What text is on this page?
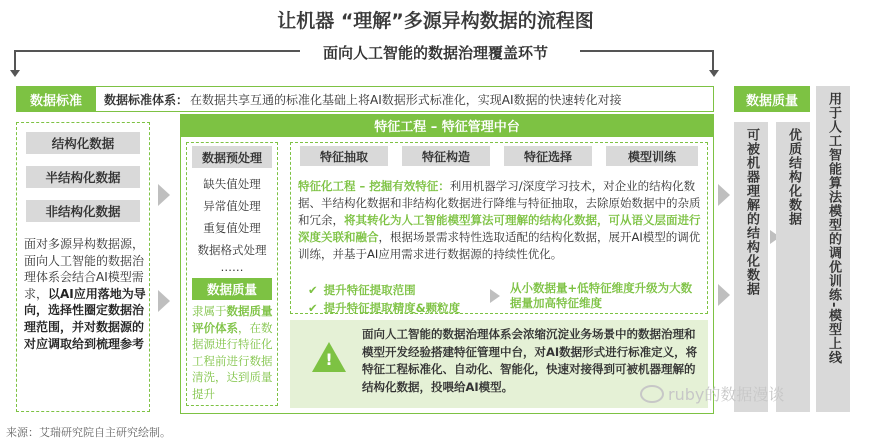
让机器 “理解”多源异构数据的流程图
面向人工智能的数据治理覆盖环节
数据标准	数据标准体系： 在数据共享互通的标准化基础上将AI数据形式标准化，实现AI数据的快速转化对接
结构化数据
半结构化数据
非结构化数据
面对多源异构数据源，面向人工智能的数据治理体系会结合AI模型需求，以AI应用落地为导向，选择性圈定数据治理范围，并对数据源的对应调取给到梳理参考
特征工程 – 特征管理中台
数据预处理
缺失值处理
异常值处理
重复值处理
数据格式处理
……
数据质量
隶属于数据质量评价体系，在数据源进行特征化工程前进行数据清洗，达到质量提升
特征抽取	特征构造	特征选择	模型训练
特征化工程 – 挖掘有效特征：利用机器学习/深度学习技术，对企业的结构化数据、半结构化数据和非结构化数据进行降维与特征抽取，去除原始数据中的杂质和冗余，将其转化为人工智能模型算法可理解的结构化数据，可从语义层面进行深度关联和融合，根据场景需求特性选取适配的结构化数据，展开AI模型的调优训练，并基于AI应用需求进行数据源的持续性优化。
✔ 提升特征提取范围
✔ 提升特征提取精度&颗粒度
从小数据量+低特征维度升级为大数据量加高特征维度
!
面向人工智能的数据治理体系会浓缩沉淀业务场景中的数据治理和模型开发经验搭建特征管理中台，对AI数据形式进行标准定义，将特征工程标准化、自动化、智能化，快速对接得到可被机器理解的结构化数据，投喂给AI模型。
数据质量
可被机器理解的结构化数据 优质结构化数据 用于人工智能算法模型的调优训练-模型上线
来源：艾瑞研究院自主研究绘制。
ruby的数据漫谈
